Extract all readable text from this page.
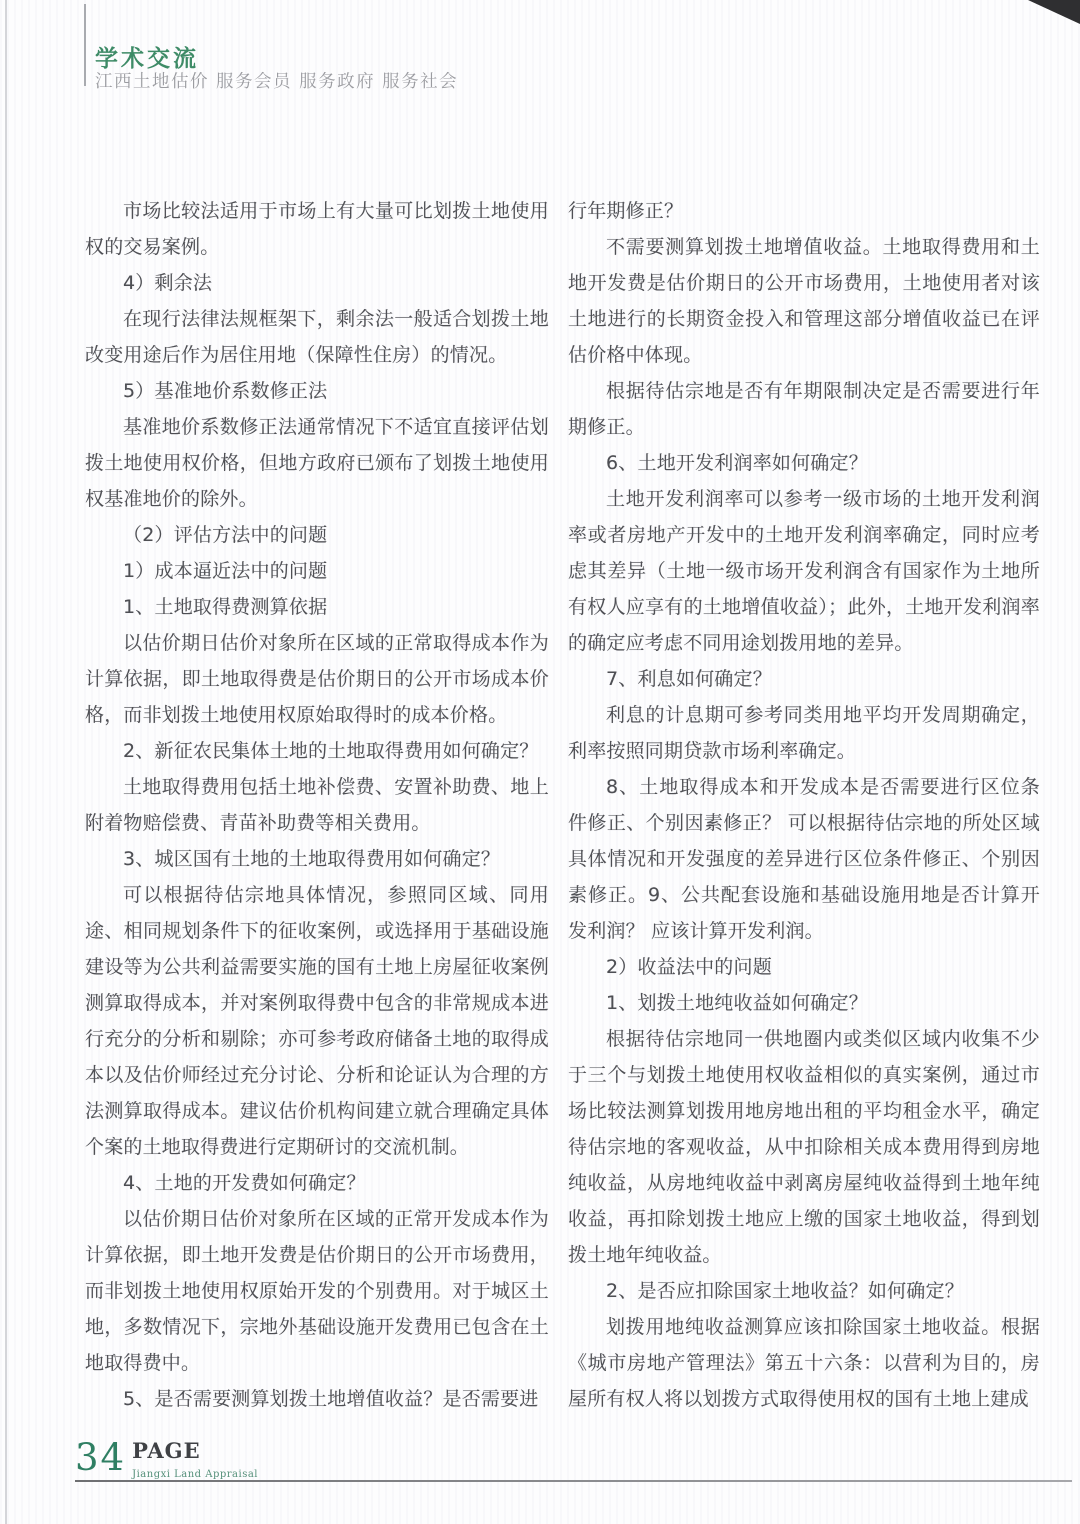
学术交流
江西土地估价 服务会员 服务政府 服务社会

市场比较法适用于市场上有大量可比划拨土地使用权的交易案例。

4）剩余法

在现行法律法规框架下，剩余法一般适合划拨土地改变用途后作为居住用地（保障性住房）的情况。

5）基准地价系数修正法

基准地价系数修正法通常情况下不适宜直接评估划拨土地使用权价格，但地方政府已颁布了划拨土地使用权基准地价的除外。

（2）评估方法中的问题

1）成本逼近法中的问题

1、土地取得费测算依据

以估价期日估价对象所在区域的正常取得成本作为计算依据，即土地取得费是估价期日的公开市场成本价格，而非划拨土地使用权原始取得时的成本价格。

2、新征农民集体土地的土地取得费用如何确定？

土地取得费用包括土地补偿费、安置补助费、地上附着物赔偿费、青苗补助费等相关费用。

3、城区国有土地的土地取得费用如何确定？

可以根据待估宗地具体情况，参照同区域、同用途、相同规划条件下的征收案例，或选择用于基础设施建设等为公共利益需要实施的国有土地上房屋征收案例测算取得成本，并对案例取得费中包含的非常规成本进行充分的分析和剔除；亦可参考政府储备土地的取得成本以及估价师经过充分讨论、分析和论证认为合理的方法测算取得成本。建议估价机构间建立就合理确定具体个案的土地取得费进行定期研讨的交流机制。

4、土地的开发费如何确定？

以估价期日估价对象所在区域的正常开发成本作为计算依据，即土地开发费是估价期日的公开市场费用，而非划拨土地使用权原始开发的个别费用。对于城区土地，多数情况下，宗地外基础设施开发费用已包含在土地取得费中。

5、是否需要测算划拨土地增值收益？是否需要进

行年期修正？

不需要测算划拨土地增值收益。土地取得费用和土地开发费是估价期日的公开市场费用，土地使用者对该土地进行的长期资金投入和管理这部分增值收益已在评估价格中体现。

根据待估宗地是否有年期限制决定是否需要进行年期修正。

6、土地开发利润率如何确定？

土地开发利润率可以参考一级市场的土地开发利润率或者房地产开发中的土地开发利润率确定，同时应考虑其差异（土地一级市场开发利润含有国家作为土地所有权人应享有的土地增值收益）；此外，土地开发利润率的确定应考虑不同用途划拨用地的差异。

7、利息如何确定？

利息的计息期可参考同类用地平均开发周期确定，利率按照同期贷款市场利率确定。

8、土地取得成本和开发成本是否需要进行区位条件修正、个别因素修正？ 可以根据待估宗地的所处区域具体情况和开发强度的差异进行区位条件修正、个别因素修正。9、公共配套设施和基础设施用地是否计算开发利润？ 应该计算开发利润。

2）收益法中的问题

1、划拨土地纯收益如何确定？

根据待估宗地同一供地圈内或类似区域内收集不少于三个与划拨土地使用权收益相似的真实案例，通过市场比较法测算划拨用地房地出租的平均租金水平，确定待估宗地的客观收益，从中扣除相关成本费用得到房地纯收益，从房地纯收益中剥离房屋纯收益得到土地年纯收益，再扣除划拨土地应上缴的国家土地收益，得到划拨土地年纯收益。

2、是否应扣除国家土地收益？如何确定？

划拨用地纯收益测算应该扣除国家土地收益。根据《城市房地产管理法》第五十六条：以营利为目的，房屋所有权人将以划拨方式取得使用权的国有土地上建成

34 PAGE
Jiangxi Land Appraisal
